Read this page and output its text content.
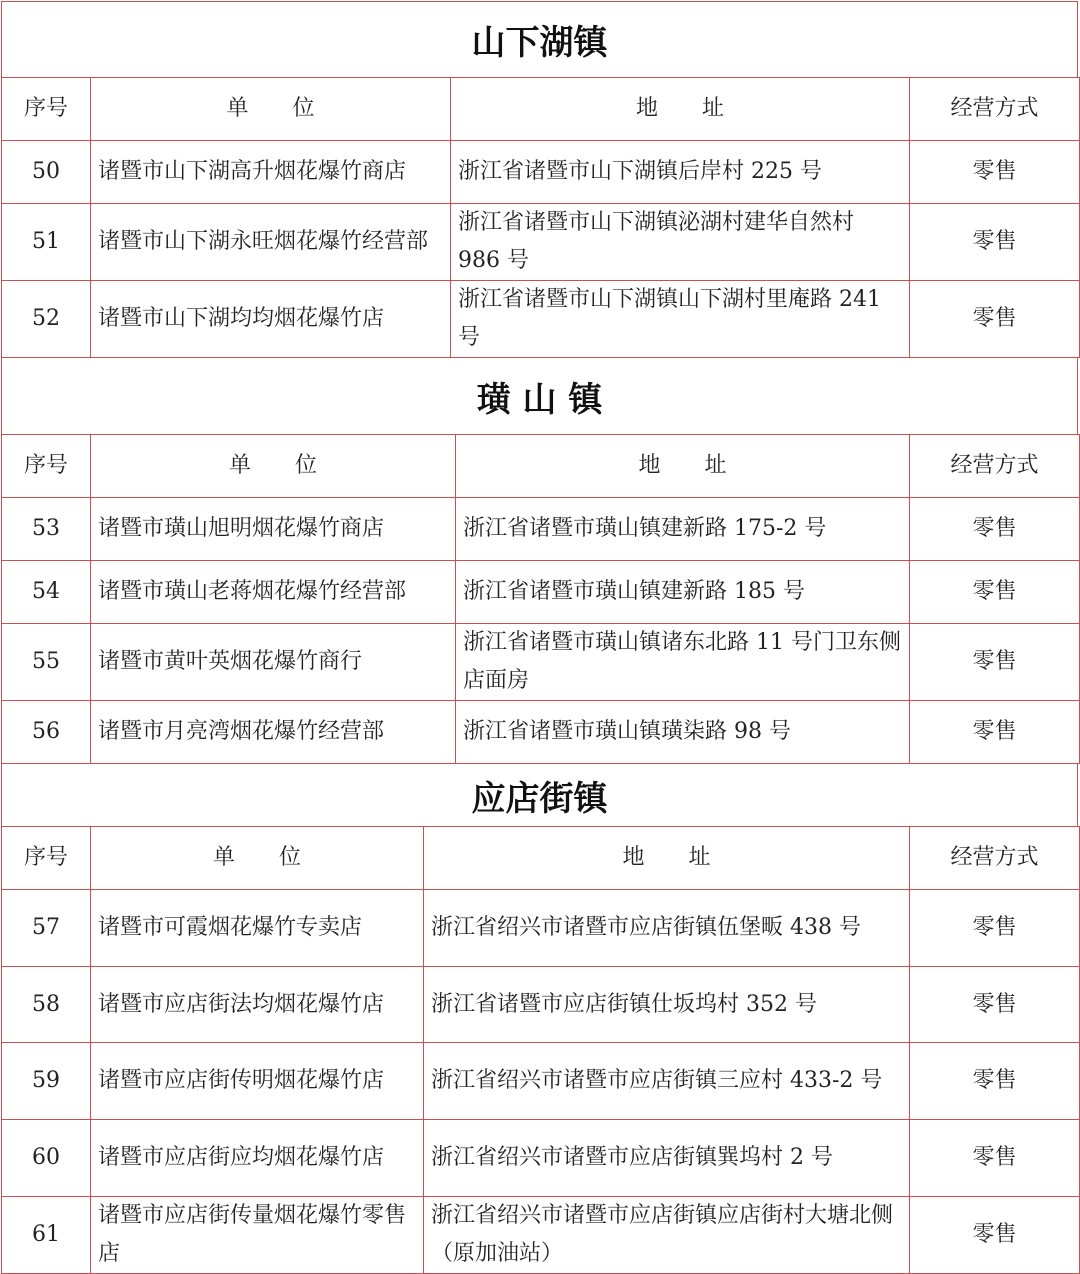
山下湖镇
序号	单　　位	地　　址	经营方式
50	诸暨市山下湖高升烟花爆竹商店	浙江省诸暨市山下湖镇后岸村 225 号	零售
51	诸暨市山下湖永旺烟花爆竹经营部	浙江省诸暨市山下湖镇泌湖村建华自然村 986 号	零售
52	诸暨市山下湖均均烟花爆竹店	浙江省诸暨市山下湖镇山下湖村里庵路 241 号	零售
璜 山 镇
序号	单　　位	地　　址	经营方式
53	诸暨市璜山旭明烟花爆竹商店	浙江省诸暨市璜山镇建新路 175-2 号	零售
54	诸暨市璜山老蒋烟花爆竹经营部	浙江省诸暨市璜山镇建新路 185 号	零售
55	诸暨市黄叶英烟花爆竹商行	浙江省诸暨市璜山镇诸东北路 11 号门卫东侧店面房	零售
56	诸暨市月亮湾烟花爆竹经营部	浙江省诸暨市璜山镇璜柒路 98 号	零售
应店街镇
序号	单　　位	地　　址	经营方式
57	诸暨市可霞烟花爆竹专卖店	浙江省绍兴市诸暨市应店街镇伍堡畈 438 号	零售
58	诸暨市应店街法均烟花爆竹店	浙江省诸暨市应店街镇仕坂坞村 352 号	零售
59	诸暨市应店街传明烟花爆竹店	浙江省绍兴市诸暨市应店街镇三应村 433-2 号	零售
60	诸暨市应店街应均烟花爆竹店	浙江省绍兴市诸暨市应店街镇巽坞村 2 号	零售
61	诸暨市应店街传量烟花爆竹零售店	浙江省绍兴市诸暨市应店街镇应店街村大塘北侧（原加油站）	零售
